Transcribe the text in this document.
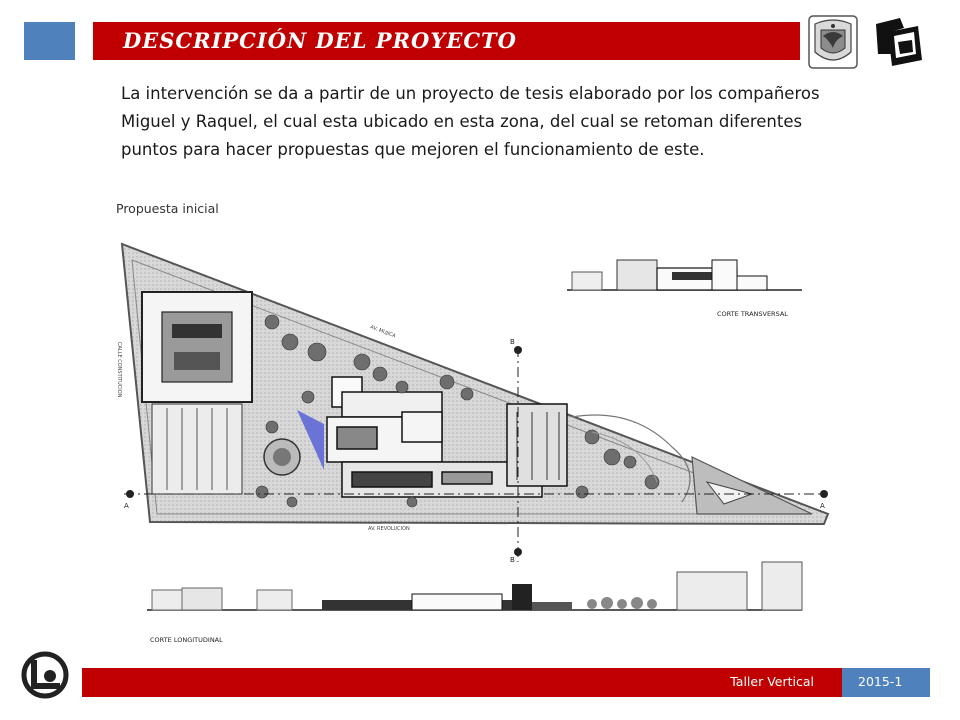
DESCRIPCIÓN DEL PROYECTO
La intervención se da a partir de un proyecto de tesis elaborado por los compañeros
Miguel y Raquel, el cual esta ubicado en esta zona, del cual se retoman diferentes
puntos para hacer propuestas que mejoren el funcionamiento de este.
Propuesta inicial
A	A
B
B
AV. MUJICA
AV. REVOLUCION
CALLE CONSTITUCION
CORTE TRANSVERSAL
CORTE LONGITUDINAL
Taller Vertical	2015-1
